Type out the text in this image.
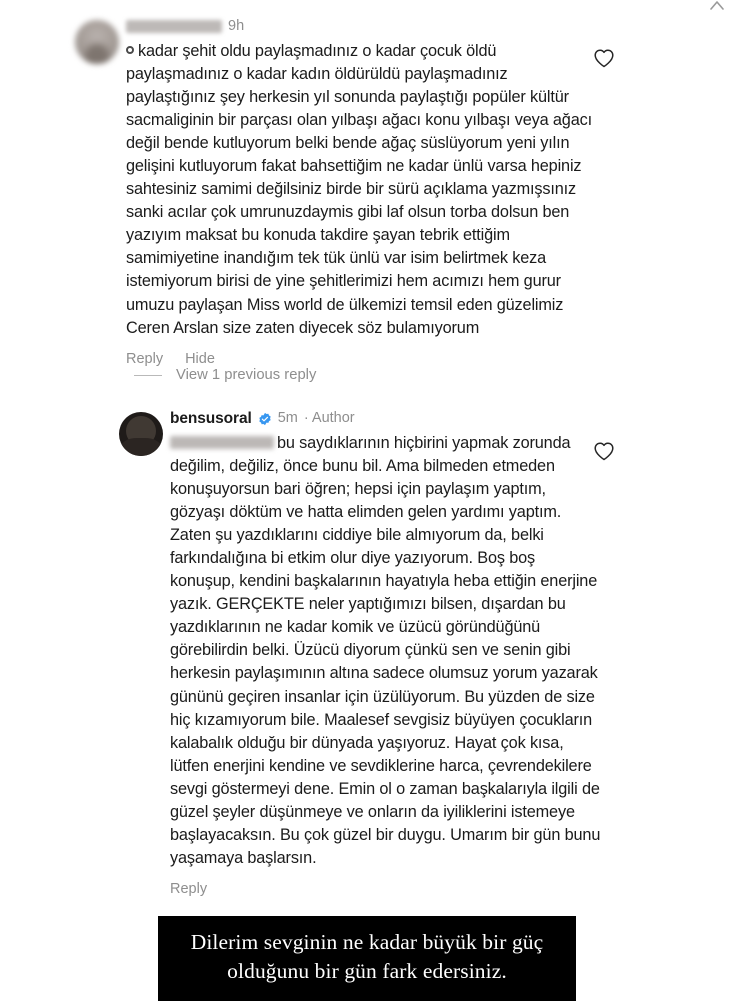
9h
kadar şehit oldu paylaşmadınız o kadar çocuk öldü paylaşmadınız o kadar kadın öldürüldü paylaşmadınız paylaştığınız şey herkesin yıl sonunda paylaştığı popüler kültür sacmaliginin bir parçası olan yılbaşı ağacı konu yılbaşı veya ağacı değil bende kutluyorum belki bende ağaç süslüyorum yeni yılın gelişini kutluyorum fakat bahsettiğim ne kadar ünlü varsa hepiniz sahtesiniz samimi değilsiniz birde bir sürü açıklama yazmışsınız sanki acılar çok umrunuzdaymis gibi laf olsun torba dolsun ben yazıyım maksat bu konuda takdire şayan tebrik ettiğim samimiyetine inandığım tek tük ünlü var isim belirtmek keza istemiyorum birisi de yine şehitlerimizi hem acımızı hem gurur umuzu paylaşan Miss world de ülkemizi temsil eden güzelimiz Ceren Arslan size zaten diyecek söz bulamıyorum
Reply Hide
View 1 previous reply
bensusoral 5m · Author
bu saydıklarının hiçbirini yapmak zorunda değilim, değiliz, önce bunu bil. Ama bilmeden etmeden konuşuyorsun bari öğren; hepsi için paylaşım yaptım, gözyaşı döktüm ve hatta elimden gelen yardımı yaptım. Zaten şu yazdıklarını ciddiye bile almıyorum da, belki farkındalığına bi etkim olur diye yazıyorum. Boş boş konuşup, kendini başkalarının hayatıyla heba ettiğin enerjine yazık. GERÇEKTE neler yaptığımızı bilsen, dışardan bu yazdıklarının ne kadar komik ve üzücü göründüğünü görebilirdin belki. Üzücü diyorum çünkü sen ve senin gibi herkesin paylaşımının altına sadece olumsuz yorum yazarak gününü geçiren insanlar için üzülüyorum. Bu yüzden de size hiç kızamıyorum bile. Maalesef sevgisiz büyüyen çocukların kalabalık olduğu bir dünyada yaşıyoruz. Hayat çok kısa, lütfen enerjini kendine ve sevdiklerine harca, çevrendekilere sevgi göstermeyi dene. Emin ol o zaman başkalarıyla ilgili de güzel şeyler düşünmeye ve onların da iyiliklerini istemeye başlayacaksın. Bu çok güzel bir duygu. Umarım bir gün bunu yaşamaya başlarsın.
Reply
Dilerim sevginin ne kadar büyük bir güç
olduğunu bir gün fark edersiniz.
